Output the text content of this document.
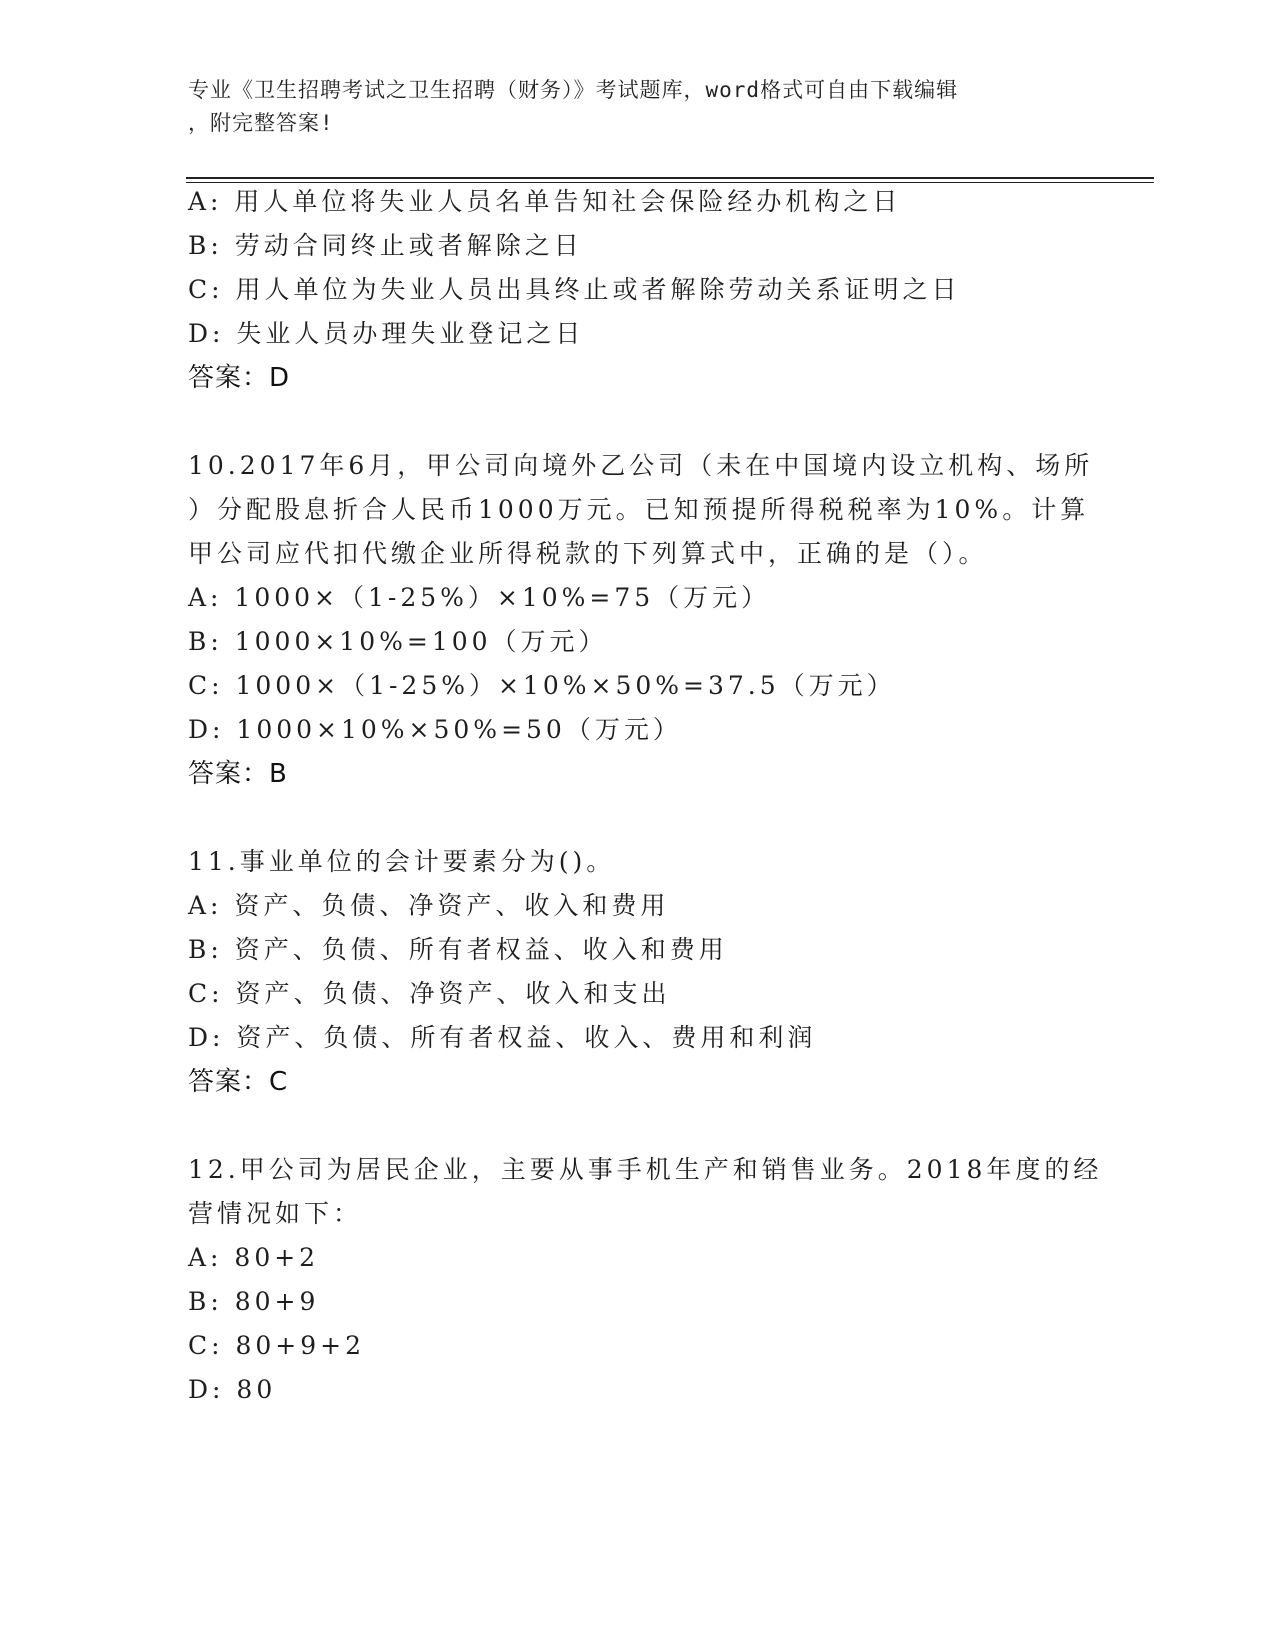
专业《卫生招聘考试之卫生招聘（财务）》考试题库，word格式可自由下载编辑
，附完整答案!
A: 用人单位将失业人员名单告知社会保险经办机构之日
B: 劳动合同终止或者解除之日
C: 用人单位为失业人员出具终止或者解除劳动关系证明之日
D: 失业人员办理失业登记之日
答案：D
10.2017年6月，甲公司向境外乙公司（未在中国境内设立机构、场所
）分配股息折合人民币1000万元。已知预提所得税税率为10%。计算
甲公司应代扣代缴企业所得税款的下列算式中，正确的是（）。
A: 1000×（1-25%）×10%=75（万元）
B: 1000×10%=100（万元）
C: 1000×（1-25%）×10%×50%=37.5（万元）
D: 1000×10%×50%=50（万元）
答案：B
11.事业单位的会计要素分为()。
A: 资产、负债、净资产、收入和费用
B: 资产、负债、所有者权益、收入和费用
C: 资产、负债、净资产、收入和支出
D: 资产、负债、所有者权益、收入、费用和利润
答案：C
12.甲公司为居民企业，主要从事手机生产和销售业务。2018年度的经
营情况如下：
A: 80+2
B: 80+9
C: 80+9+2
D: 80
